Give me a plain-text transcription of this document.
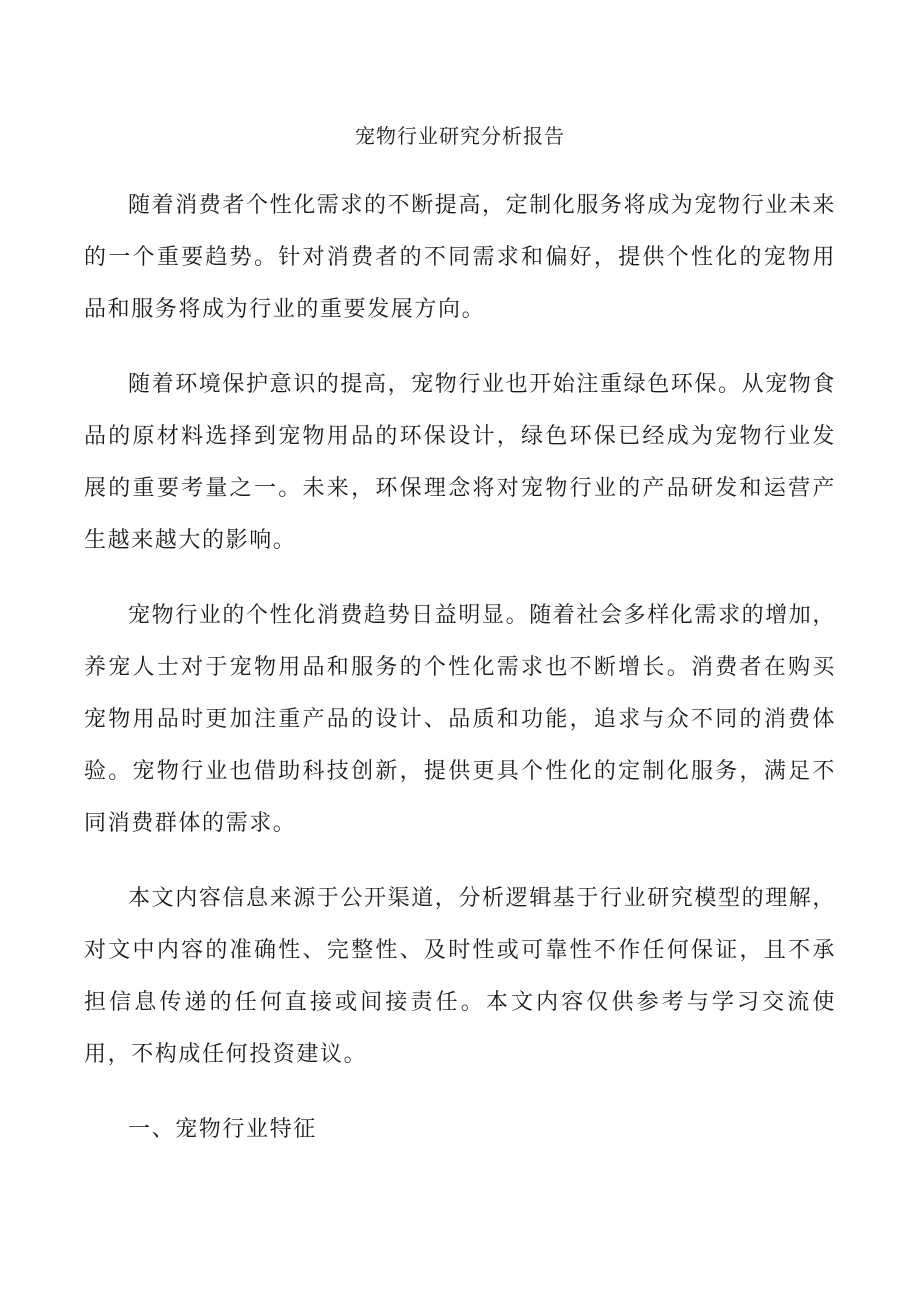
宠物行业研究分析报告

随着消费者个性化需求的不断提高，定制化服务将成为宠物行业未来的一个重要趋势。针对消费者的不同需求和偏好，提供个性化的宠物用品和服务将成为行业的重要发展方向。

随着环境保护意识的提高，宠物行业也开始注重绿色环保。从宠物食品的原材料选择到宠物用品的环保设计，绿色环保已经成为宠物行业发展的重要考量之一。未来，环保理念将对宠物行业的产品研发和运营产生越来越大的影响。

宠物行业的个性化消费趋势日益明显。随着社会多样化需求的增加，养宠人士对于宠物用品和服务的个性化需求也不断增长。消费者在购买宠物用品时更加注重产品的设计、品质和功能，追求与众不同的消费体验。宠物行业也借助科技创新，提供更具个性化的定制化服务，满足不同消费群体的需求。

本文内容信息来源于公开渠道，分析逻辑基于行业研究模型的理解，对文中内容的准确性、完整性、及时性或可靠性不作任何保证，且不承担信息传递的任何直接或间接责任。本文内容仅供参考与学习交流使用，不构成任何投资建议。

一、宠物行业特征
